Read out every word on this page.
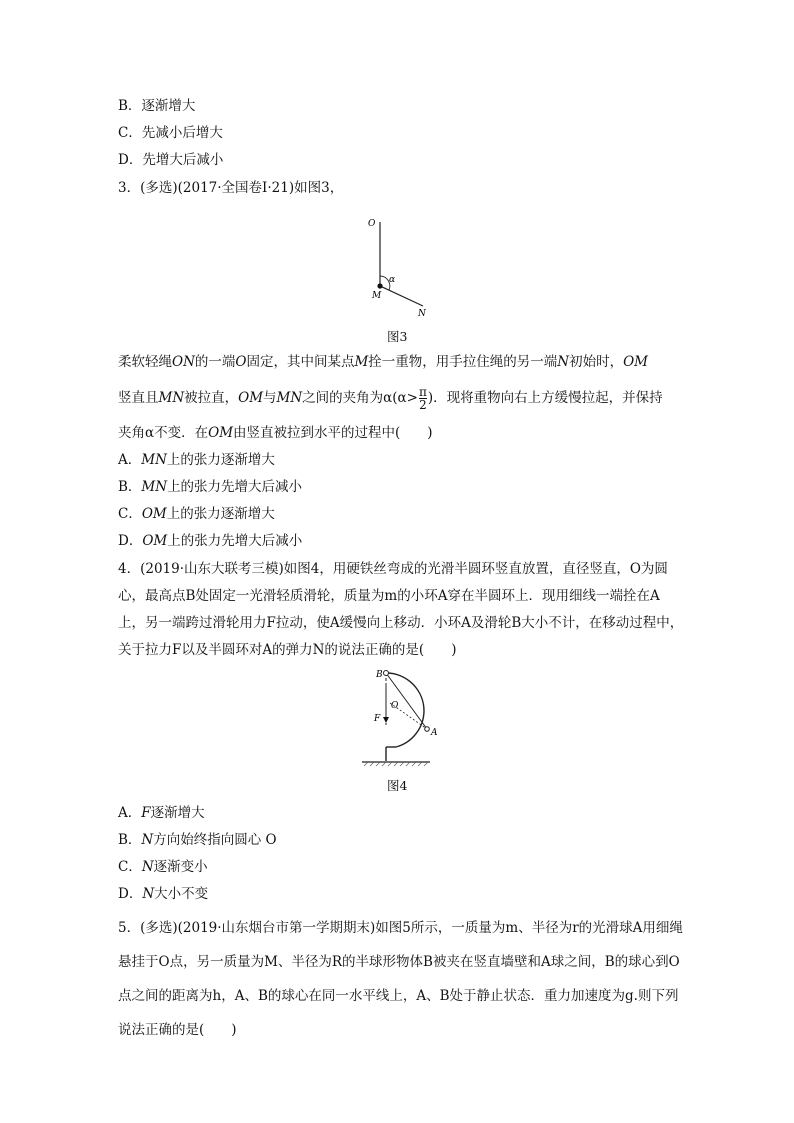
B．逐渐增大
C．先减小后增大
D．先增大后减小
3．(多选)(2017·全国卷Ⅰ·21)如图3，
O
α
M
N
图3
柔软轻绳ON的一端O固定，其中间某点M拴一重物，用手拉住绳的另一端N初始时，OM
竖直且MN被拉直，OM与MN之间的夹角为$\alpha(\alpha> \frac{\pi}{2}$ )．现将重物向右上方缓慢拉起，并保持
夹角α不变．在OM由竖直被拉到水平的过程中(　　)
A．MN上的张力逐渐增大
B．MN上的张力先增大后减小
C．OM上的张力逐渐增大
D．OM上的张力先增大后减小
4．(2019·山东大联考三模)如图4，用硬铁丝弯成的光滑半圆环竖直放置，直径竖直，O为圆心，最高点B处固定一光滑轻质滑轮，质量为m的小环A穿在半圆环上．现用细线一端拴在A上，另一端跨过滑轮用力F拉动，使A缓慢向上移动．小环A及滑轮B大小不计，在移动过程中，关于拉力F以及半圆环对A的弹力N的说法正确的是(　　)
B
O
F
A
图4
A．F逐渐增大
B．N方向始终指向圆心 O
C．N逐渐变小
D．N大小不变
5．(多选)(2019·山东烟台市第一学期期末)如图5所示，一质量为m、半径为r的光滑球A用细绳悬挂于O点，另一质量为M、半径为R的半球形物体B被夹在竖直墙壁和A球之间，B的球心到O点之间的距离为h，A、B的球心在同一水平线上，A、B处于静止状态．重力加速度为g.则下列说法正确的是(　　)
